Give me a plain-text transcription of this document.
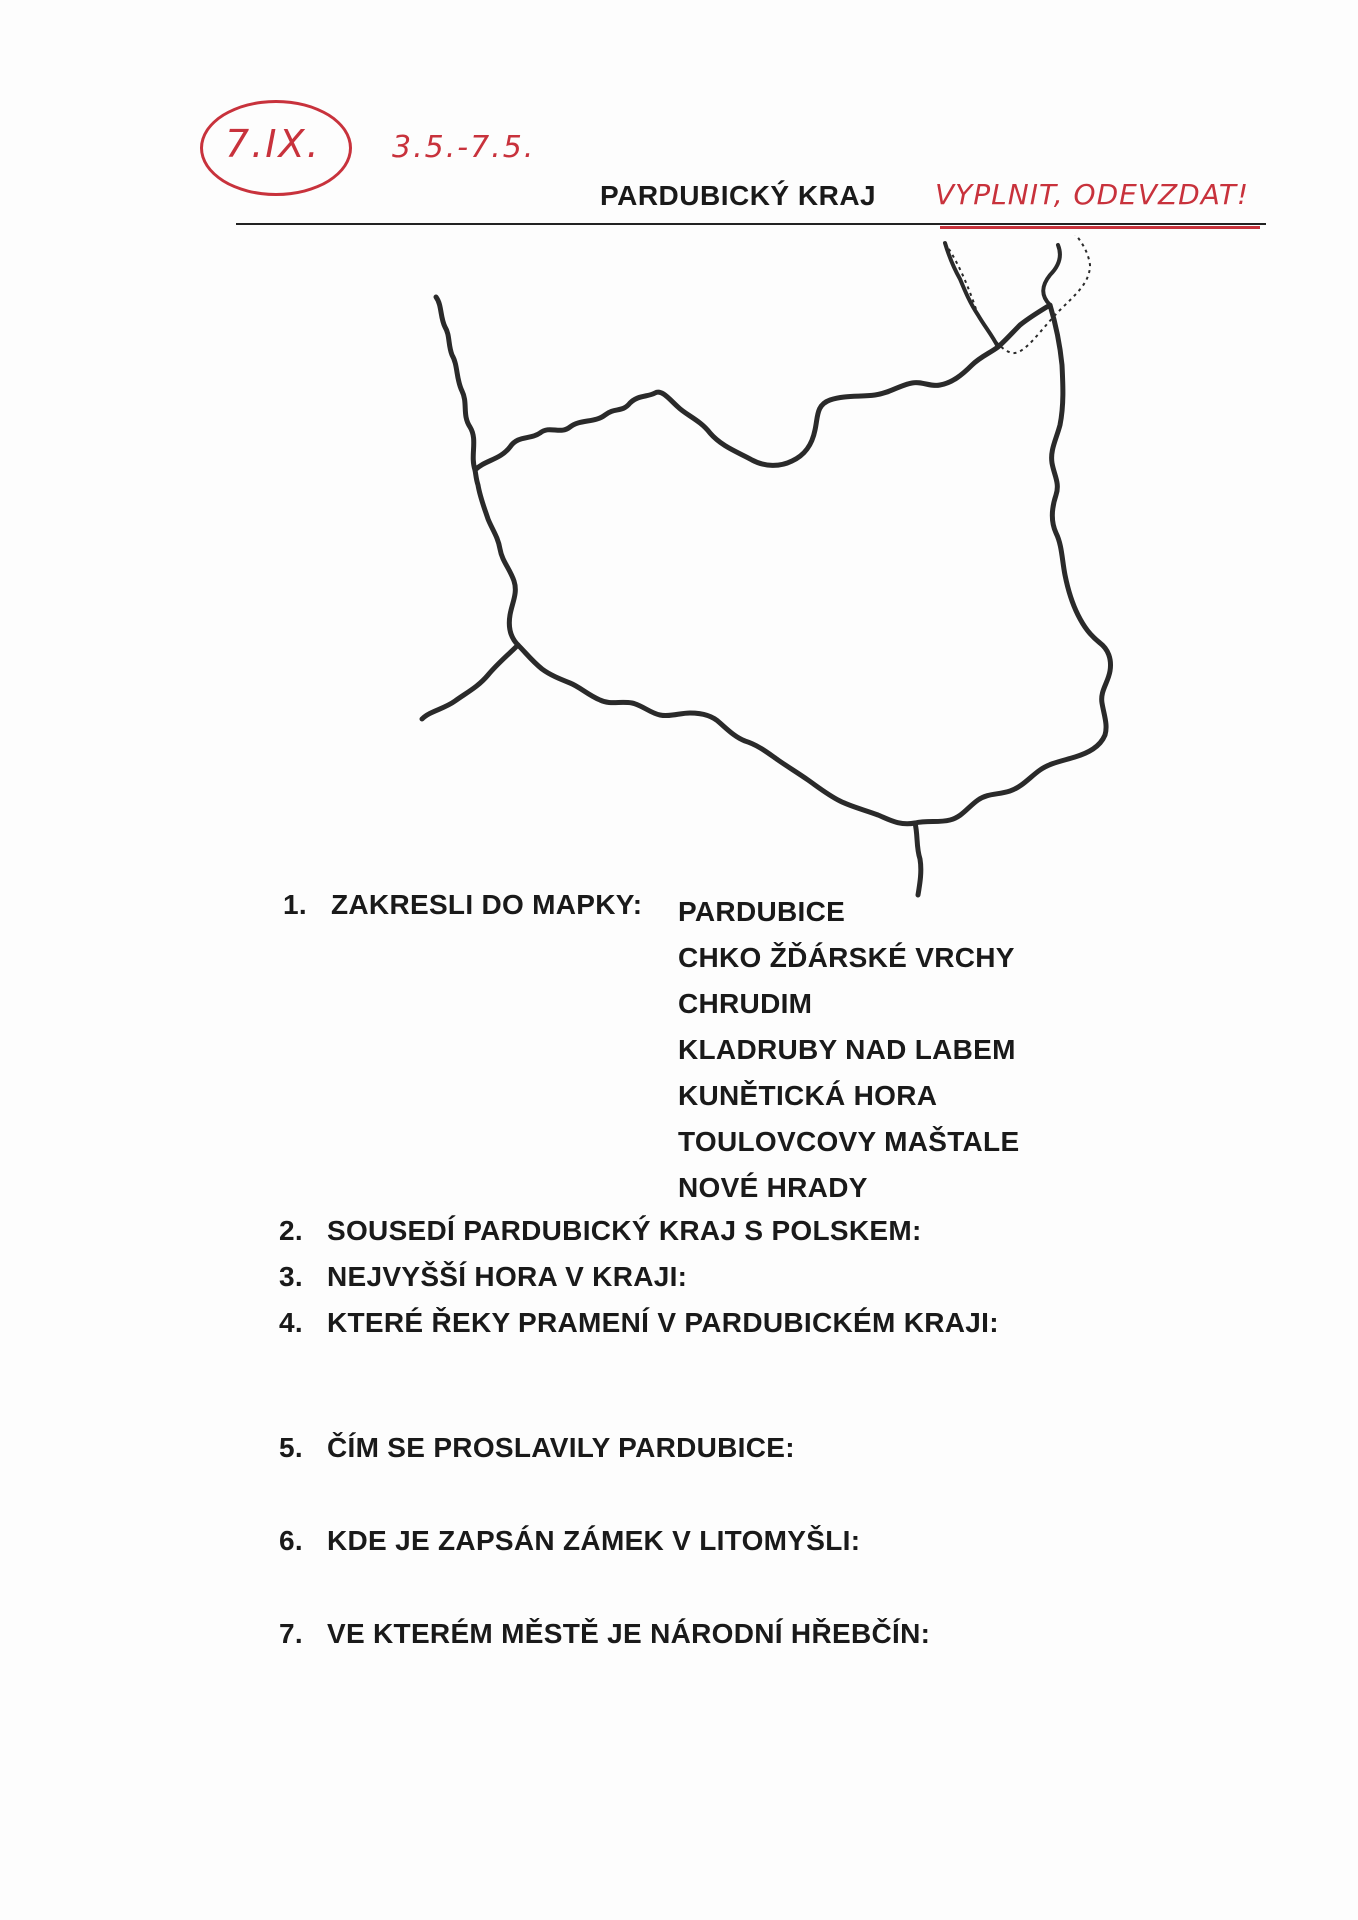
7.IX. 3.5.-7.5.
PARDUBICKÝ KRAJ VYPLNIT, ODEVZDAT!
1. ZAKRESLI DO MAPKY: PARDUBICE
CHKO ŽĎÁRSKÉ VRCHY
CHRUDIM
KLADRUBY NAD LABEM
KUNĚTICKÁ HORA
TOULOVCOVY MAŠTALE
NOVÉ HRADY
2. SOUSEDÍ PARDUBICKÝ KRAJ S POLSKEM:
3. NEJVYŠŠÍ HORA V KRAJI:
4. KTERÉ ŘEKY PRAMENÍ V PARDUBICKÉM KRAJI:
5. ČÍM SE PROSLAVILY PARDUBICE:
6. KDE JE ZAPSÁN ZÁMEK V LITOMYŠLI:
7. VE KTERÉM MĚSTĚ JE NÁRODNÍ HŘEBČÍN:
